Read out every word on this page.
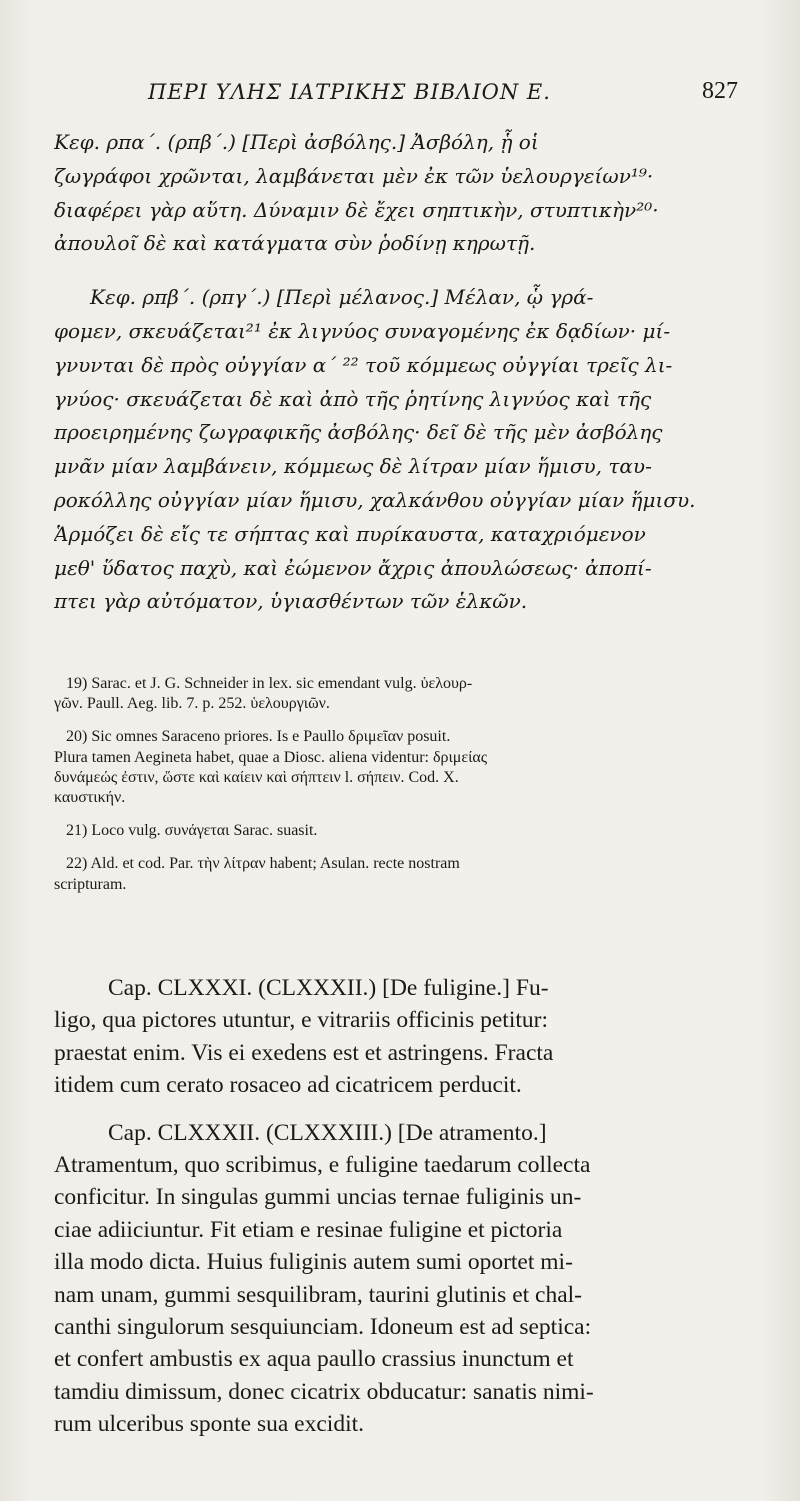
ΠΕΡΙ ΥΛΗΣ ΙΑΤΡΙΚΗΣ ΒΙΒΛΙΟΝ Ε.	827
Κεφ. ρπα΄. (ρπβ΄.) [Περὶ ἀσβόλης.] Ἀσβόλη, ᾗ οἱ
ζωγράφοι χρῶνται, λαμβάνεται μὲν ἐκ τῶν ὑελουργείων¹⁹·
διαφέρει γὰρ αὕτη. Δύναμιν δὲ ἔχει σηπτικὴν, στυπτικὴν²⁰·
ἀπουλοῖ δὲ καὶ κατάγματα σὺν ῥοδίνῃ κηρωτῇ.
Κεφ. ρπβ΄. (ρπγ΄.) [Περὶ μέλανος.] Μέλαν, ᾧ γρά-
φομεν, σκευάζεται²¹ ἐκ λιγνύος συναγομένης ἐκ δᾳδίων· μί-
γνυνται δὲ πρὸς οὐγγίαν α΄ ²² τοῦ κόμμεως οὐγγίαι τρεῖς λι-
γνύος· σκευάζεται δὲ καὶ ἀπὸ τῆς ῥητίνης λιγνύος καὶ τῆς
προειρημένης ζωγραφικῆς ἀσβόλης· δεῖ δὲ τῆς μὲν ἀσβόλης
μνᾶν μίαν λαμβάνειν, κόμμεως δὲ λίτραν μίαν ἥμισυ, ταυ-
ροκόλλης οὐγγίαν μίαν ἥμισυ, χαλκάνθου οὐγγίαν μίαν ἥμισυ.
Ἁρμόζει δὲ εἴς τε σήπτας καὶ πυρίκαυστα, καταχριόμενον
μεθ' ὕδατος παχὺ, καὶ ἐώμενον ἄχρις ἀπουλώσεως· ἀποπί-
πτει γὰρ αὐτόματον, ὑγιασθέντων τῶν ἑλκῶν.
19) Sarac. et J. G. Schneider in lex. sic emendant vulg. ὑελουρ-
γῶν. Paull. Aeg. lib. 7. p. 252. ὑελουργιῶν.
20) Sic omnes Saraceno priores. Is e Paullo δριμεῖαν posuit.
Plura tamen Aegineta habet, quae a Diosc. aliena videntur: δριμείας
δυνάμεώς ἐστιν, ὥστε καὶ καίειν καὶ σήπτειν l. σήπειν. Cod. X.
καυστικήν.
21) Loco vulg. συνάγεται Sarac. suasit.
22) Ald. et cod. Par. τὴν λίτραν habent; Asulan. recte nostram
scripturam.
Cap. CLXXXI. (CLXXXII.) [De fuligine.] Fu-
ligo, qua pictores utuntur, e vitrariis officinis petitur:
praestat enim. Vis ei exedens est et astringens. Fracta
itidem cum cerato rosaceo ad cicatricem perducit.
Cap. CLXXXII. (CLXXXIII.) [De atramento.]
Atramentum, quo scribimus, e fuligine taedarum collecta
conficitur. In singulas gummi uncias ternae fuliginis un-
ciae adiiciuntur. Fit etiam e resinae fuligine et pictoria
illa modo dicta. Huius fuliginis autem sumi oportet mi-
nam unam, gummi sesquilibram, taurini glutinis et chal-
canthi singulorum sesquiunciam. Idoneum est ad septica:
et confert ambustis ex aqua paullo crassius inunctum et
tamdiu dimissum, donec cicatrix obducatur: sanatis nimi-
rum ulceribus sponte sua excidit.
